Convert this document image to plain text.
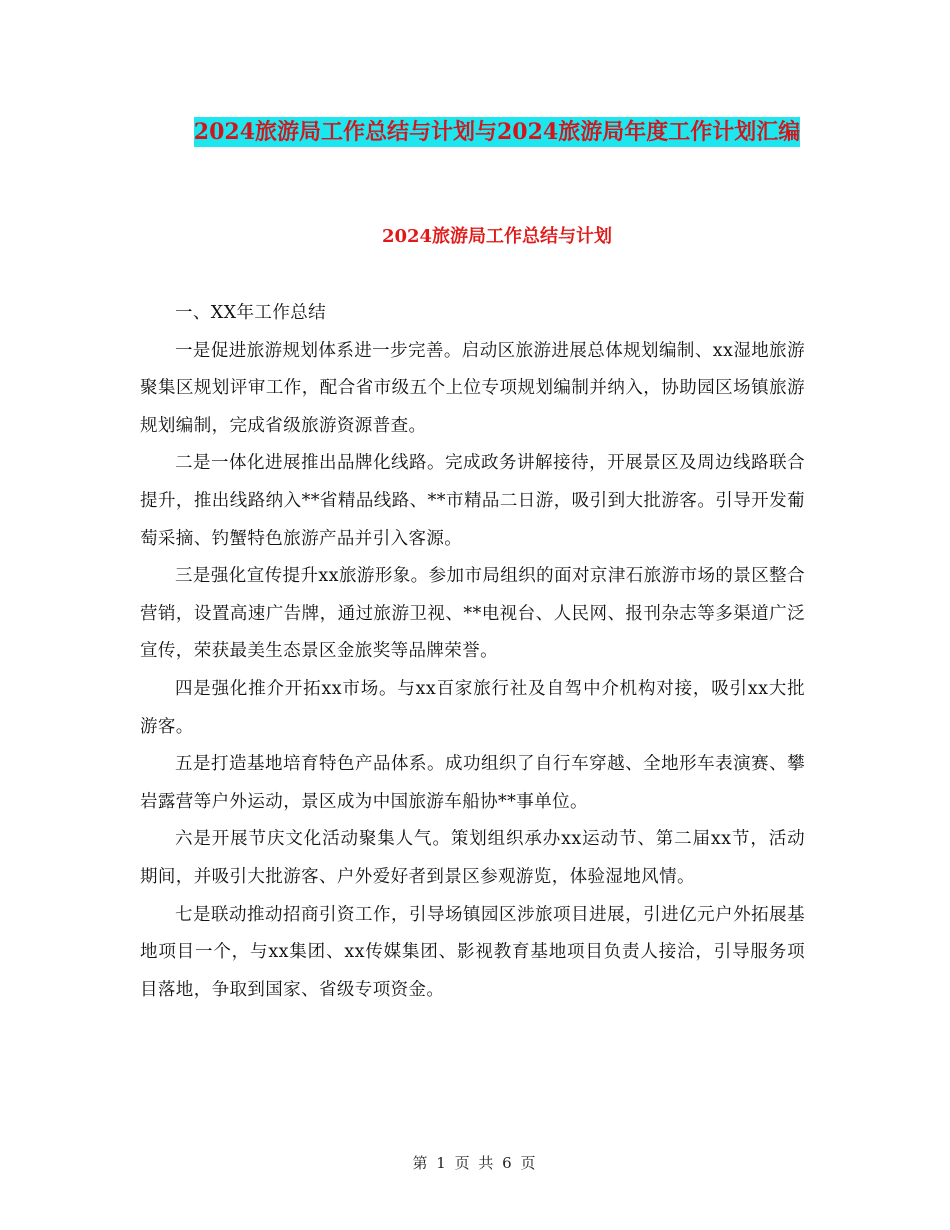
2024旅游局工作总结与计划与2024旅游局年度工作计划汇编
2024旅游局工作总结与计划

一、XX年工作总结

一是促进旅游规划体系进一步完善。启动区旅游进展总体规划编制、xx湿地旅游聚集区规划评审工作，配合省市级五个上位专项规划编制并纳入，协助园区场镇旅游规划编制，完成省级旅游资源普查。

二是一体化进展推出品牌化线路。完成政务讲解接待，开展景区及周边线路联合提升，推出线路纳入**省精品线路、**市精品二日游，吸引到大批游客。引导开发葡萄采摘、钓蟹特色旅游产品并引入客源。

三是强化宣传提升xx旅游形象。参加市局组织的面对京津石旅游市场的景区整合营销，设置高速广告牌，通过旅游卫视、**电视台、人民网、报刊杂志等多渠道广泛宣传，荣获最美生态景区金旅奖等品牌荣誉。

四是强化推介开拓xx市场。与xx百家旅行社及自驾中介机构对接，吸引xx大批游客。

五是打造基地培育特色产品体系。成功组织了自行车穿越、全地形车表演赛、攀岩露营等户外运动，景区成为中国旅游车船协**事单位。

六是开展节庆文化活动聚集人气。策划组织承办xx运动节、第二届xx节，活动期间，并吸引大批游客、户外爱好者到景区参观游览，体验湿地风情。

七是联动推动招商引资工作，引导场镇园区涉旅项目进展，引进亿元户外拓展基地项目一个，与xx集团、xx传媒集团、影视教育基地项目负责人接洽，引导服务项目落地，争取到国家、省级专项资金。

第 1 页 共 6 页
